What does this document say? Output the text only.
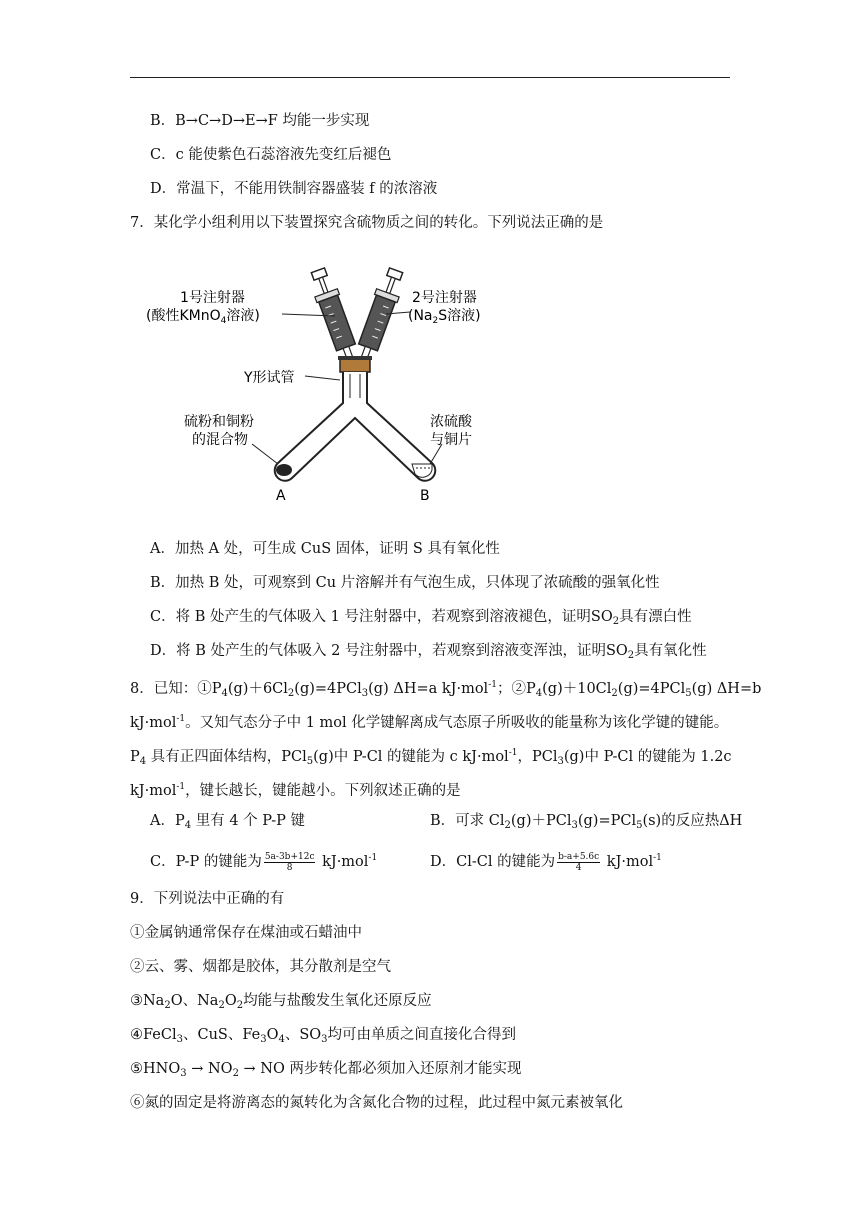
B．B→C→D→E→F 均能一步实现
C．c 能使紫色石蕊溶液先变红后褪色
D．常温下，不能用铁制容器盛装 f 的浓溶液
7．某化学小组利用以下装置探究含硫物质之间的转化。下列说法正确的是
1号注射器
(酸性KMnO$_4$溶液)
2号注射器
($Na_2S$溶液)
Y形试管
硫粉和铜粉
的混合物
浓硫酸
与铜片
A	B
A．加热 A 处，可生成 CuS 固体，证明 S 具有氧化性
B．加热 B 处，可观察到 Cu 片溶解并有气泡生成，只体现了浓硫酸的强氧化性
C．将 B 处产生的气体吸入 1 号注射器中，若观察到溶液褪色，证明$SO_2$具有漂白性
D．将 B 处产生的气体吸入 2 号注射器中，若观察到溶液变浑浊，证明$SO_2$具有氧化性
8．已知：$①P_4(g)+6Cl_2(g)=4PCl_3(g)$ ΔH=a kJ·mol$^{-1}$；$②P_4(g)+10Cl_2(g)=4PCl_5(g)$ ΔH=b
kJ·mol$^{-1}$。又知气态分子中 1 mol 化学键解离成气态原子所吸收的能量称为该化学键的键能。
$P_4$ 具有正四面体结构，PCl$_5$(g)中 P-Cl 的键能为 c kJ·mol$^{-1}$，PCl$_3$(g)中 P-Cl 的键能为 1.2c
kJ·mol$^{-1}$，键长越长，键能越小。下列叙述正确的是
A．$P_4$ 里有 4 个 P-P 键	B．可求 $Cl_2(g)+PCl_3(g)=PCl_5(s)$的反应热ΔH
C．P-P 的键能为 $\frac{5a-3b+12c}{8} kJ\cdot mol^{-1}$	D．Cl-Cl 的键能为 $\frac{b-a+5.6c}{4} kJ\cdot mol^{-1}$
9．下列说法中正确的有
①金属钠通常保存在煤油或石蜡油中
②云、雾、烟都是胶体，其分散剂是空气
$③Na_2O$、$Na_2O_2$均能与盐酸发生氧化还原反应
④FeCl$_3$、CuS、$Fe_3O_4$、$SO_3$均可由单质之间直接化合得到
$⑤HNO_3 \to NO_2$ → NO 两步转化都必须加入还原剂才能实现
⑥氮的固定是将游离态的氮转化为含氮化合物的过程，此过程中氮元素被氧化
